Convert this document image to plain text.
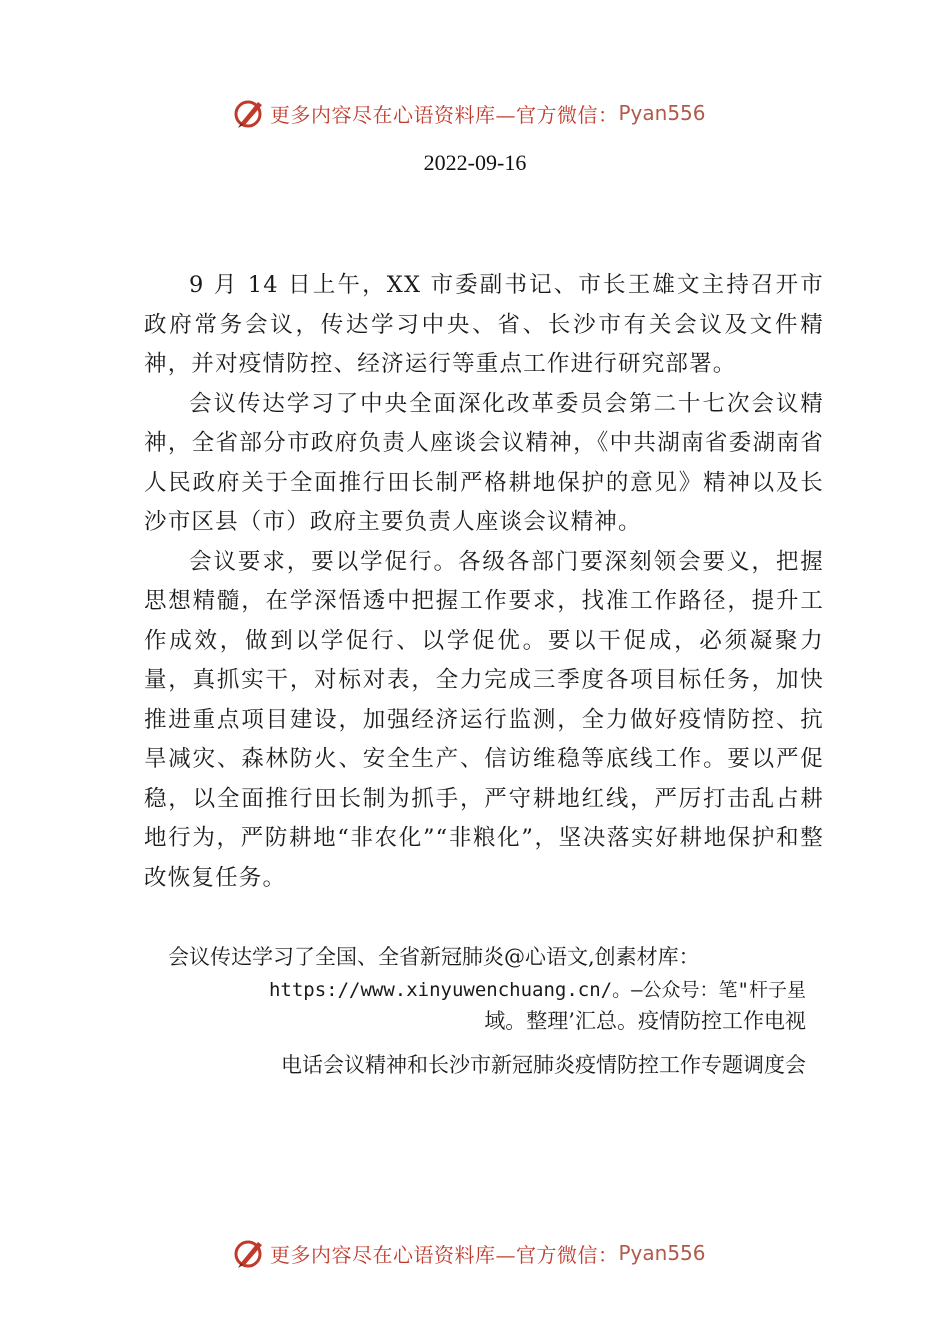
更多内容尽在心语资料库—官方微信： Pyan556
2022-09-16

9 月 14 日上午，XX 市委副书记、市长王雄文主持召开市政府常务会议，传达学习中央、省、长沙市有关会议及文件精神，并对疫情防控、经济运行等重点工作进行研究部署。

会议传达学习了中央全面深化改革委员会第二十七次会议精神，全省部分市政府负责人座谈会议精神，《中共湖南省委湖南省人民政府关于全面推行田长制严格耕地保护的意见》精神以及长沙市区县（市）政府主要负责人座谈会议精神。

会议要求，要以学促行。各级各部门要深刻领会要义，把握思想精髓，在学深悟透中把握工作要求，找准工作路径，提升工作成效，做到以学促行、以学促优。要以干促成，必须凝聚力量，真抓实干，对标对表，全力完成三季度各项目标任务，加快推进重点项目建设，加强经济运行监测，全力做好疫情防控、抗旱减灾、森林防火、安全生产、信访维稳等底线工作。要以严促稳，以全面推行田长制为抓手，严守耕地红线，严厉打击乱占耕地行为，严防耕地“非农化”“非粮化”，坚决落实好耕地保护和整改恢复任务。

会议传达学习了全国、全省新冠肺炎@心语文,创素材库：
https://www.xinyuwenchuang.cn/。—公众号：笔"杆子星
域。整理’汇总。疫情防控工作电视
电话会议精神和长沙市新冠肺炎疫情防控工作专题调度会
更多内容尽在心语资料库—官方微信： Pyan556
